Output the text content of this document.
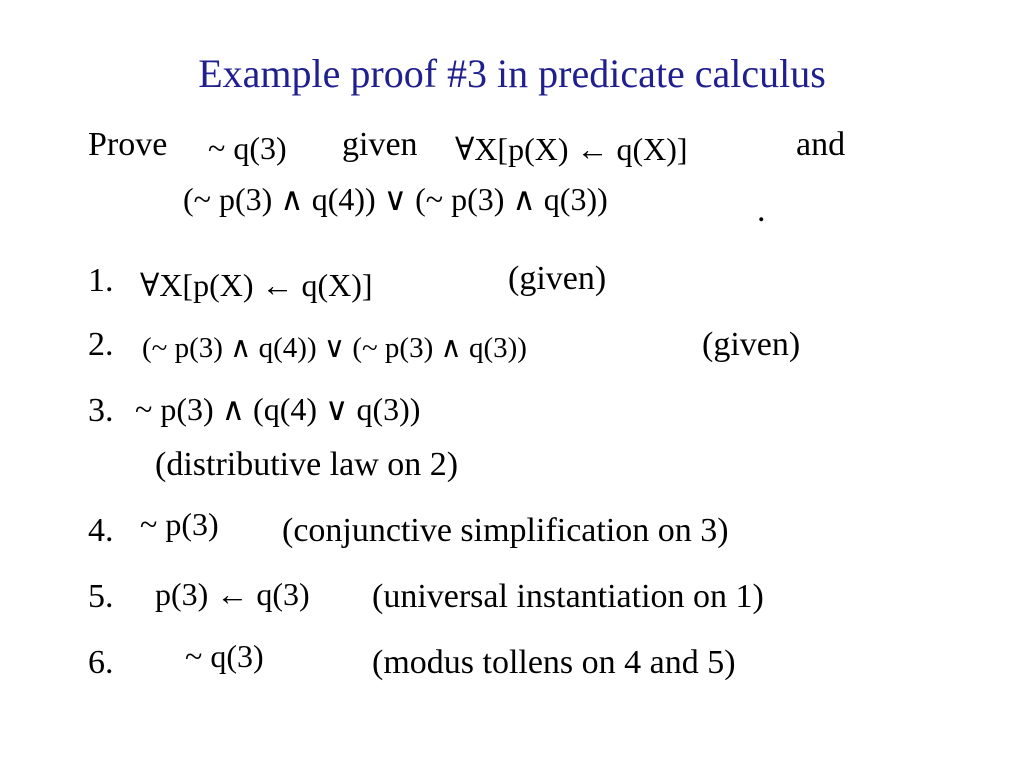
Example proof #3 in predicate calculus
Prove ~ q(3) given ∀X[p(X) ← q(X)]	and
(~ p(3) ∧ q(4)) ∨ (~ p(3) ∧ q(3))	.
1. ∀X[p(X) ← q(X)]	(given)
2. (~ p(3) ∧ q(4)) ∨ (~ p(3) ∧ q(3))	(given)
3. ~ p(3) ∧ (q(4) ∨ q(3))
(distributive law on 2)
4. ~ p(3) (conjunctive simplification on 3)
5. p(3) ← q(3) (universal instantiation on 1)
6. ~ q(3)	(modus tollens on 4 and 5)
